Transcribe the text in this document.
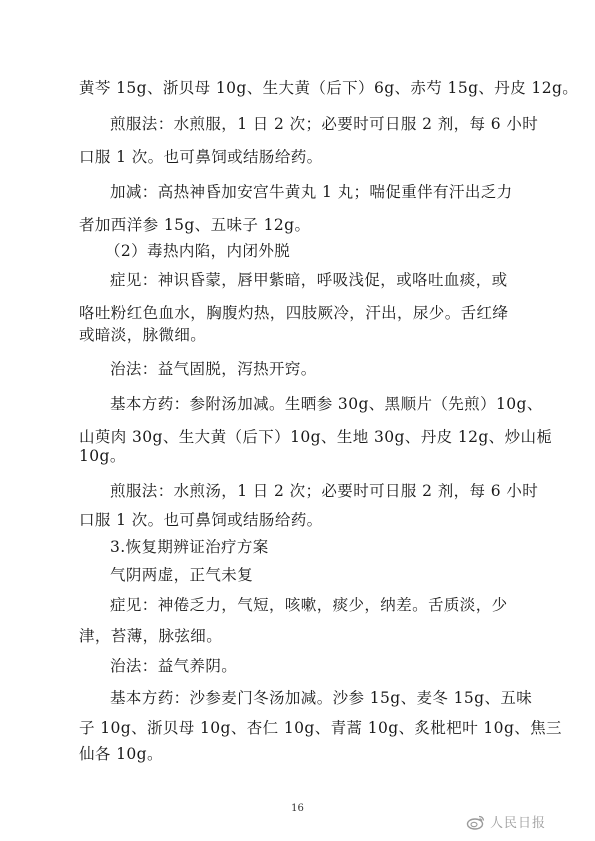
黄芩 15g、浙贝母 10g、生大黄（后下）6g、赤芍 15g、丹皮 12g。
煎服法：水煎服，1 日 2 次；必要时可日服 2 剂，每 6 小时
口服 1 次。也可鼻饲或结肠给药。
加减：高热神昏加安宫牛黄丸 1 丸；喘促重伴有汗出乏力
者加西洋参 15g、五味子 12g。
（2）毒热内陷，内闭外脱
症见：神识昏蒙，唇甲紫暗，呼吸浅促，或咯吐血痰，或
咯吐粉红色血水，胸腹灼热，四肢厥冷，汗出，尿少。舌红绛
或暗淡，脉微细。
治法：益气固脱，泻热开窍。
基本方药：参附汤加减。生晒参 30g、黑顺片（先煎）10g、
山萸肉 30g、生大黄（后下）10g、生地 30g、丹皮 12g、炒山栀
10g。
煎服法：水煎汤，1 日 2 次；必要时可日服 2 剂，每 6 小时
口服 1 次。也可鼻饲或结肠给药。
3.恢复期辨证治疗方案
气阴两虚，正气未复
症见：神倦乏力，气短，咳嗽，痰少，纳差。舌质淡，少
津，苔薄，脉弦细。
治法：益气养阴。
基本方药：沙参麦门冬汤加减。沙参 15g、麦冬 15g、五味
子 10g、浙贝母 10g、杏仁 10g、青蒿 10g、炙枇杷叶 10g、焦三
仙各 10g。
16
人民日报
